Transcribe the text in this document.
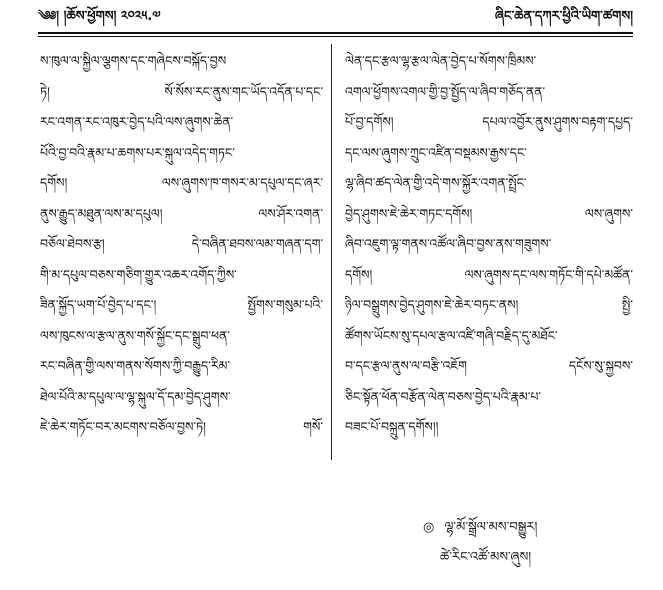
༄༅། །ཆོས་ཕྱོགས། ༢༠༢༥.༧	ཞིང་ཆེན་དཀར་ཕྱིའི་ཡིག་ཚགས།
ས་ཁུལ་ལ་སྐྱིལ་ལྕགས་དང་གཞེངས་བསྐོད་བྱས
ཏེ། སོ་སོས་རང་ནུས་གང་ཡོད་འདོན་པ་དང་
རང་འགན་རང་འཁུར་བྱེད་པའི་ལས་ཞུགས་ཆེན་
པོའི་བྱ་བའི་རྣམ་པ་ཆགས་པར་སྐུལ་འདེད་གཏང་
དགོས། ལས་ཞུགས་ཁ་གསར་མ་དཔུལ་དང་ཞར་
ནུས་རྒྱུད་མཐུན་ལས་མ་དཔུལ། ལས་ཤོར་འགན་
བཅོལ་ཐེབས་རྩ། དེ་བཞིན་ཐབས་ལམ་གཞན་དག་
གི་མ་དཔུལ་བཅས་གཅིག་གྱུར་འཆར་འགོད་ཀྱིས་
ཟིན་སྐྱོད་ཡག་པོ་བྱེད་པ་དང་། སྤྱོགས་གསུམ་པའི་
ལས་ཁུངས་ལ་རྩལ་ནུས་གསོ་སྐྱོང་དང་སྒྲུབ་ཕན་
རང་བཞིན་གྱི་ལས་གནས་སོགས་ཀྱི་བརྒྱུད་རིམ་
ཐེལ་པོའི་མ་དཔུལ་ལ་ལྷ་སྐུལ་དོ་དམ་བྱེད་ཤུགས་
ཇེ་ཆེར་གཏོང་བར་མངགས་བཅོལ་བྱས་ཏེ། གསོ་
ལེན་དང་རྩལ་ལྷ་རྩལ་ལེན་བྱེད་པ་སོགས་ཁྲིམས་
འགལ་ཕྱོགས་འགལ་གྱི་བྱ་སྤྱོད་ལ་ཞིབ་གཅོད་ནན་
པོ་བྱ་དགོས། དཔལ་འབྱོར་ནུས་ཤུགས་བརྟག་དཔྱད་
དང་ལས་ཞུགས་ཀྲུང་འཛིན་བསྡམས་རྒྱས་དང་
ལྷ་ཞིབ་ཚད་ལེན་གྱི་འདེ་གས་སྐྱོར་འགན་སྤྲོང་
བྱེད་ཤུགས་ཇེ་ཆེར་གཏང་དགོས། ལས་ཞུགས་
ཞིབ་འཇུག་ལྟ་གནས་འཚོལ་ཞིབ་བྱས་ནས་གཟུགས་
དགོས། ལས་ཞུགས་དང་ལས་གཏོང་གི་དཔེ་མཚོན་
ཉིལ་བསྒྲུགས་བྱེད་ཤུགས་ཇེ་ཆེར་བཏང་ནས། སྤྱི་
ཚོགས་ཡོངས་སུ་དཔལ་རྩལ་འཛི་གཞི་བརྗིད་དུ་མཐོང་
བ་དང་རྩལ་ནུས་ལ་བརྩི་འཇོག དངོས་སུ་སྐྱབས་
ཅིང་སྟོན་ཕོན་བརྩོན་ལེན་བཅས་བྱེད་པའི་རྣམ་པ་
བཟང་པོ་བསྐྲུན་དགོས།།
◎ ལྷ་མོ་སྒྲོལ་མས་བསྒྱུར།
ཚེ་རིང་འཚོ་མས་ཞུས།
